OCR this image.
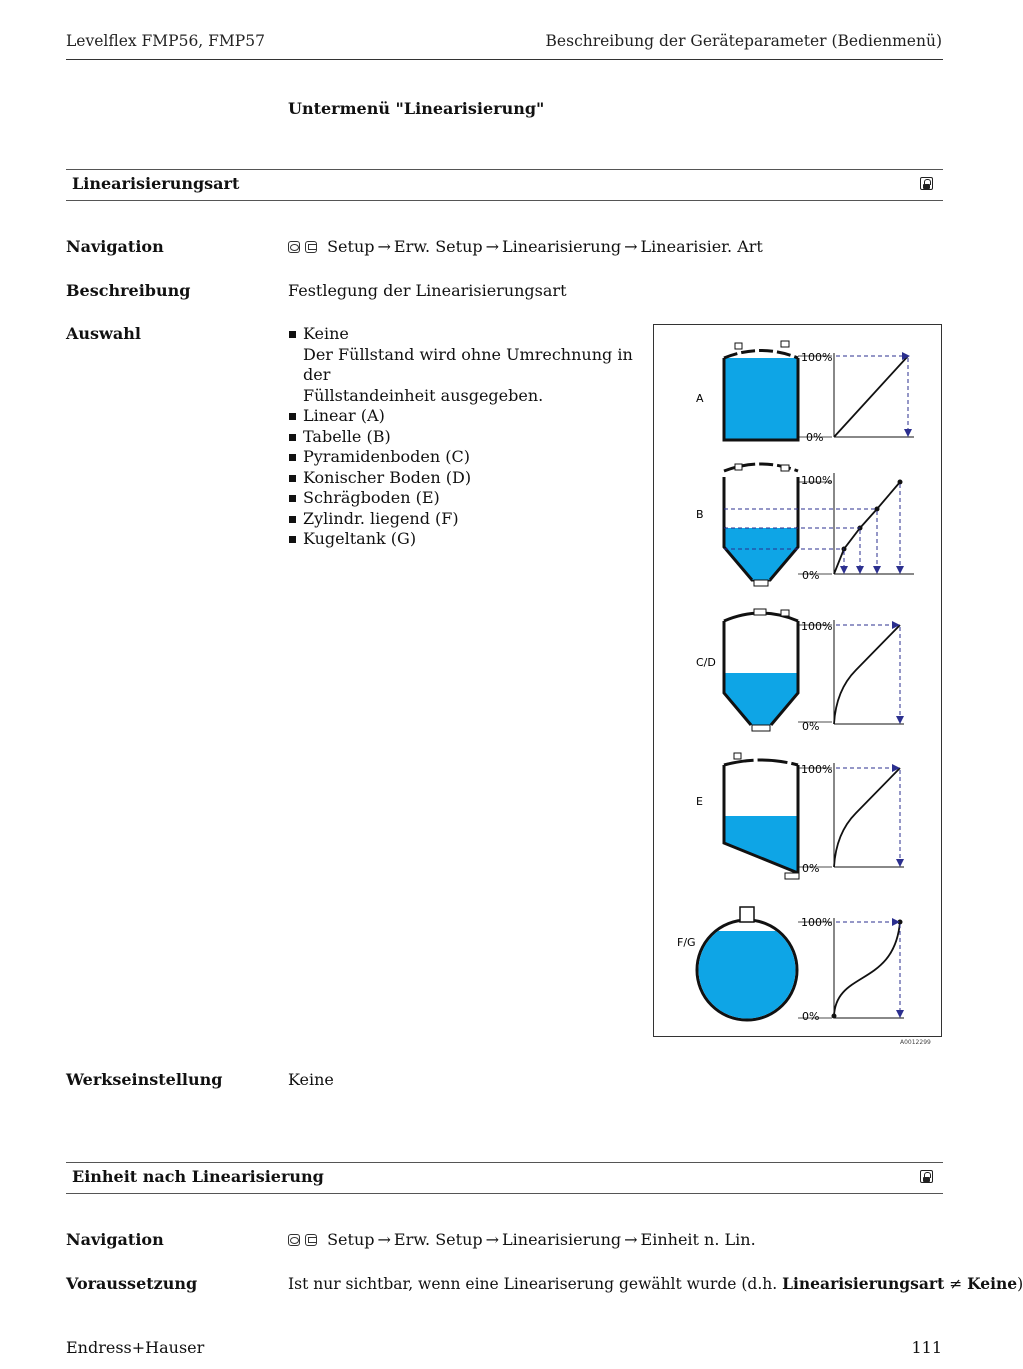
Levelflex FMP56, FMP57	Beschreibung der Geräteparameter (Bedienmenü)
Untermenü "Linearisierung"
Linearisierungsart
Navigation	Setup → Erw. Setup → Linearisierung → Linearisier. Art
Beschreibung	Festlegung der Linearisierungsart
Auswahl	Keine
Der Füllstand wird ohne Umrechnung in der
Füllstandeinheit ausgegeben.
Linear (A)
Tabelle (B)
Pyramidenboden (C)
Konischer Boden (D)
Schrägboden (E)
Zylindr. liegend (F)
Kugeltank (G)
A
100%
0%
B
100%
0%
C/D
100%
0%
E
100%
0%
F/G
100%
0%
A0012299
Werkseinstellung	Keine
Einheit nach Linearisierung
Navigation	Setup → Erw. Setup → Linearisierung → Einheit n. Lin.
Voraussetzung	Ist nur sichtbar, wenn eine Lineariserung gewählt wurde (d.h. Linearisierungsart ≠ Keine)
Endress+Hauser	111
